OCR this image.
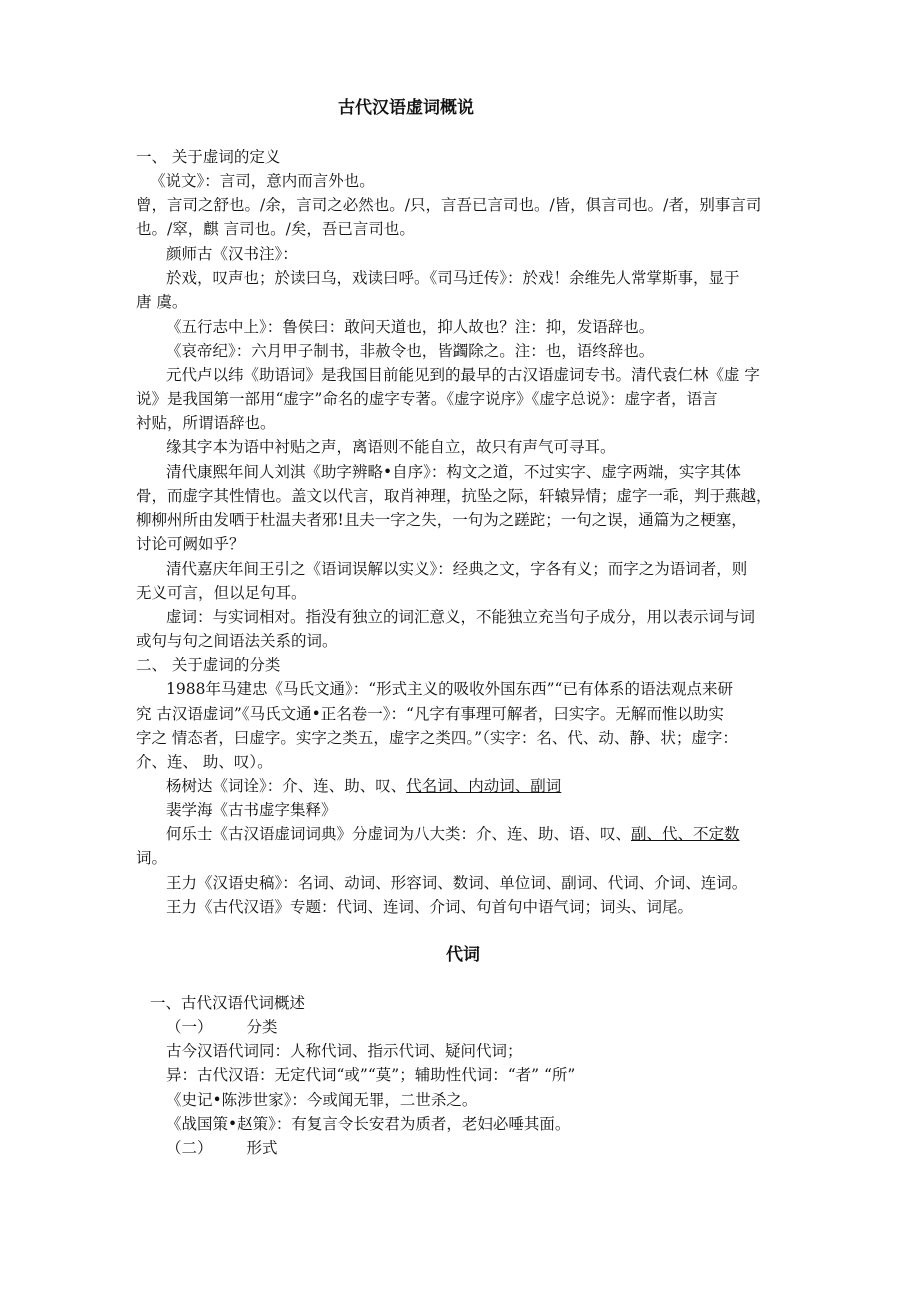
古代汉语虚词概说
一、 关于虚词的定义
《说文》：言司，意内而言外也。
曾，言司之舒也。/余，言司之必然也。/只，言吾已言司也。/皆，俱言司也。/者，别事言司
也。/窣，麒 言司也。/矣，吾已言司也。
颜师古《汉书注》：
於戏，叹声也；於读曰乌，戏读曰呼。《司马迁传》：於戏！余维先人常掌斯事，显于
唐 虞。
《五行志中上》：鲁侯曰：敢问天道也，抑人故也？注：抑，发语辞也。
《哀帝纪》：六月甲子制书，非赦令也，皆蠲除之。注：也，语终辞也。
元代卢以纬《助语词》是我国目前能见到的最早的古汉语虚词专书。清代袁仁林《虚 字
说》是我国第一部用“虚字”命名的虚字专著。《虚字说序》《虚字总说》：虚字者，语言
衬贴，所谓语辞也。
缘其字本为语中衬贴之声，离语则不能自立，故只有声气可寻耳。
清代康熙年间人刘淇《助字辨略•自序》：构文之道，不过实字、虚字两端，实字其体
骨，而虚字其性情也。盖文以代言，取肖神理，抗坠之际，轩辕异情；虚字一乖，判于燕越，
柳柳州所由发哂于杜温夫者邪!且夫一字之失，一句为之蹉跎；一句之误，通篇为之梗塞，
讨论可阙如乎？
清代嘉庆年间王引之《语词误解以实义》：经典之文，字各有义；而字之为语词者，则
无义可言，但以足句耳。
虚词：与实词相对。指没有独立的词汇意义，不能独立充当句子成分，用以表示词与词
或句与句之间语法关系的词。
二、 关于虚词的分类
1988年马建忠《马氏文通》：“形式主义的吸收外国东西”“已有体系的语法观点来研
究 古汉语虚词”《马氏文通•正名卷一》：“凡字有事理可解者，曰实字。无解而惟以助实
字之 情态者，曰虚字。实字之类五，虚字之类四。”（实字：名、代、动、静、状；虚字：
介、连、 助、叹）。
杨树达《词诠》：介、连、助、叹、代名词、内动词、副词
裴学海《古书虚字集释》
何乐士《古汉语虚词词典》分虚词为八大类：介、连、助、语、叹、副、代、不定数
词。
王力《汉语史稿》：名词、动词、形容词、数词、单位词、副词、代词、介词、连词。
王力《古代汉语》专题：代词、连词、介词、句首句中语气词；词头、词尾。
代词
一、古代汉语代词概述
（一） 分类
古今汉语代词同：人称代词、指示代词、疑问代词；
异：古代汉语：无定代词“或”“莫”；辅助性代词：“者” “所”
《史记•陈涉世家》：今或闻无罪，二世杀之。
《战国策•赵策》：有复言令长安君为质者，老妇必唾其面。
（二） 形式
